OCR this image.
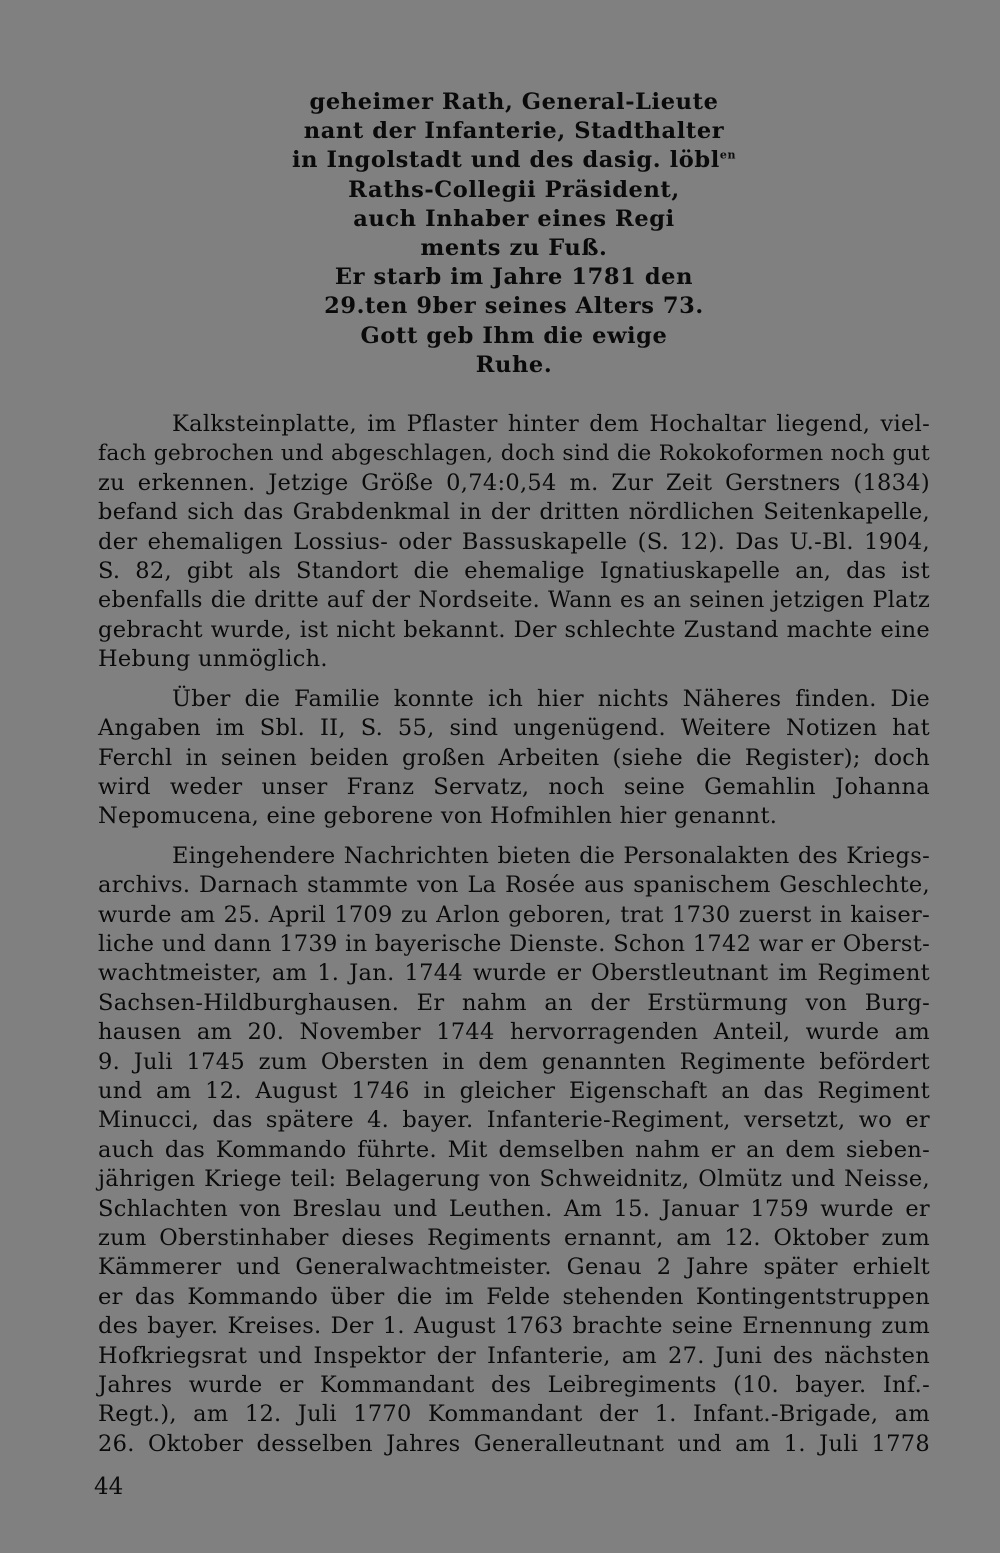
geheimer Rath, General-Lieute
nant der Infanterie, Stadthalter
in Ingolstadt und des dasig. löbl$^{en}$
Raths-Collegii Präsident,
auch Inhaber eines Regi
ments zu Fuß.
Er starb im Jahre 1781 den
29.ten 9ber seines Alters 73.
Gott geb Ihm die ewige
Ruhe.

Kalksteinplatte, im Pflaster hinter dem Hochaltar liegend, viel-
fach gebrochen und abgeschlagen, doch sind die Rokokoformen noch gut
zu erkennen. Jetzige Größe 0,74:0,54 m. Zur Zeit Gerstners (1834)
befand sich das Grabdenkmal in der dritten nördlichen Seitenkapelle,
der ehemaligen Lossius- oder Bassuskapelle (S. 12). Das U.-Bl. 1904,
S. 82, gibt als Standort die ehemalige Ignatiuskapelle an, das ist
ebenfalls die dritte auf der Nordseite. Wann es an seinen jetzigen Platz
gebracht wurde, ist nicht bekannt. Der schlechte Zustand machte eine
Hebung unmöglich.

Über die Familie konnte ich hier nichts Näheres finden. Die
Angaben im Sbl. II, S. 55, sind ungenügend. Weitere Notizen hat
Ferchl in seinen beiden großen Arbeiten (siehe die Register); doch
wird weder unser Franz Servatz, noch seine Gemahlin Johanna
Nepomucena, eine geborene von Hofmihlen hier genannt.

Eingehendere Nachrichten bieten die Personalakten des Kriegs-
archivs. Darnach stammte von La Rosée aus spanischem Geschlechte,
wurde am 25. April 1709 zu Arlon geboren, trat 1730 zuerst in kaiser-
liche und dann 1739 in bayerische Dienste. Schon 1742 war er Oberst-
wachtmeister, am 1. Jan. 1744 wurde er Oberstleutnant im Regiment
Sachsen-Hildburghausen. Er nahm an der Erstürmung von Burg-
hausen am 20. November 1744 hervorragenden Anteil, wurde am
9. Juli 1745 zum Obersten in dem genannten Regimente befördert
und am 12. August 1746 in gleicher Eigenschaft an das Regiment
Minucci, das spätere 4. bayer. Infanterie-Regiment, versetzt, wo er
auch das Kommando führte. Mit demselben nahm er an dem sieben-
jährigen Kriege teil: Belagerung von Schweidnitz, Olmütz und Neisse,
Schlachten von Breslau und Leuthen. Am 15. Januar 1759 wurde er
zum Oberstinhaber dieses Regiments ernannt, am 12. Oktober zum
Kämmerer und Generalwachtmeister. Genau 2 Jahre später erhielt
er das Kommando über die im Felde stehenden Kontingentstruppen
des bayer. Kreises. Der 1. August 1763 brachte seine Ernennung zum
Hofkriegsrat und Inspektor der Infanterie, am 27. Juni des nächsten
Jahres wurde er Kommandant des Leibregiments (10. bayer. Inf.-
Regt.), am 12. Juli 1770 Kommandant der 1. Infant.-Brigade, am
26. Oktober desselben Jahres Generalleutnant und am 1. Juli 1778

44
